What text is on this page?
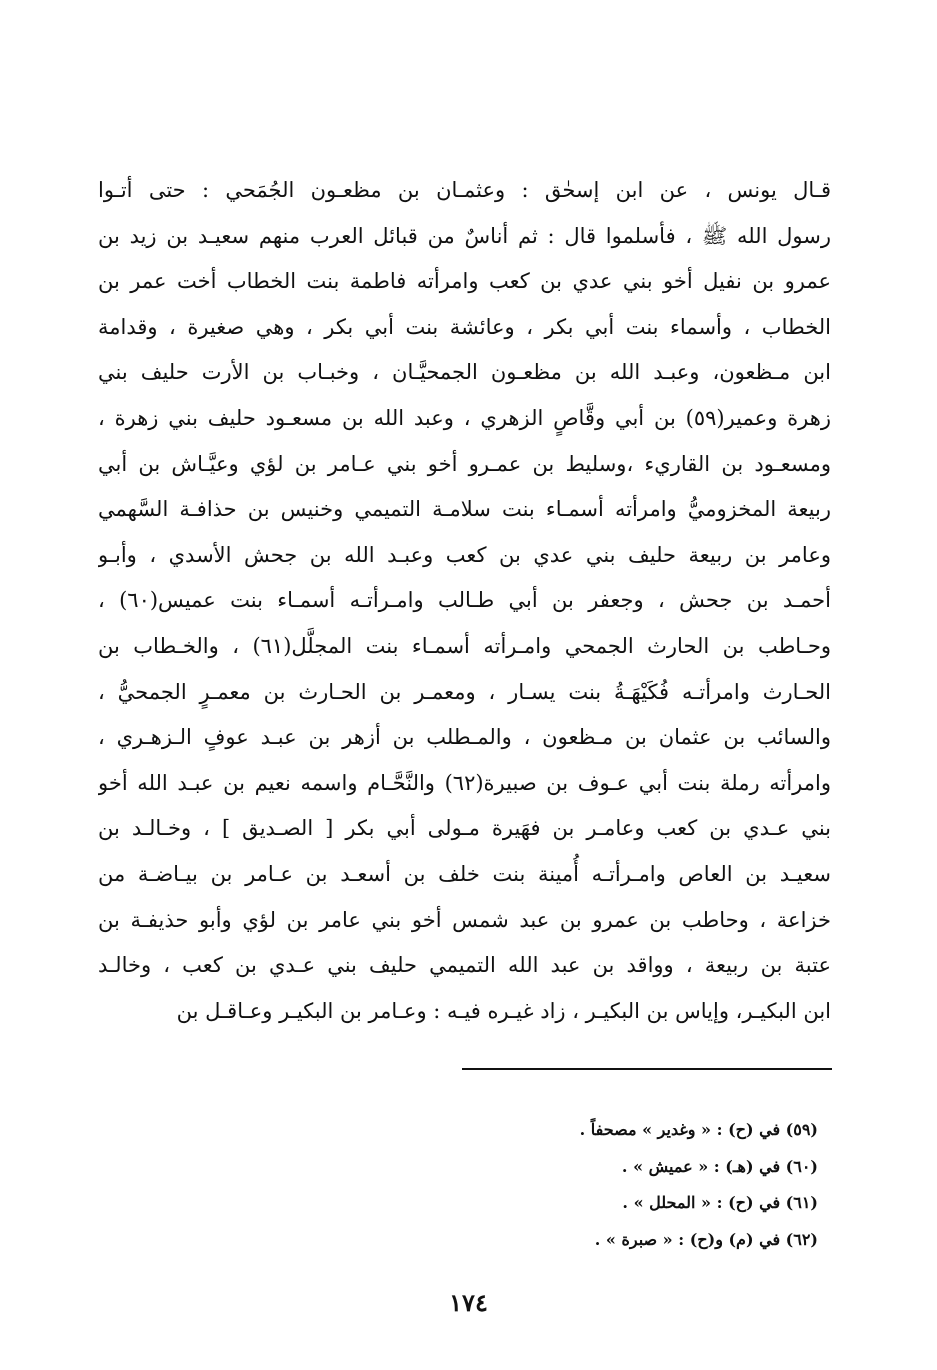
قـال يونس ، عن ابن إسحٰق : وعثمـان بن مظعـون الجُمَحي : حتى أتـوا
رسول الله ﷺ ، فأسلموا قال : ثم أناسٌ من قبائل العرب منهم سعيـد بن زيد بن
عمرو بن نفيل أخو بني عدي بن كعب وامرأته فاطمة بنت الخطاب أخت عمر بن
الخطاب ، وأسماء بنت أبي بكر ، وعائشة بنت أبي بكر ، وهي صغيرة ، وقدامة
ابن مـظعون، وعبـد الله بن مظعـون الجمحيَّـان ، وخبـاب بن الأرت حليف بني
زهرة وعمير(٥٩) بن أبي وقَّاصٍ الزهري ، وعبد الله بن مسعـود حليف بني زهرة ،
ومسعـود بن القاريء ،وسليط بن عمـرو أخو بني عـامر بن لؤي وعيَّـاش بن أبي
ربيعة المخزوميُّ وامرأته أسمـاء بنت سلامـة التميمي وخنيس بن حذافـة السَّهمي
وعامر بن ربيعة حليف بني عدي بن كعب وعبـد الله بن جحش الأسدي ، وأبـو
أحمـد بن جحش ، وجعفر بن أبي طـالب وامـرأتـه أسمـاء بنت عميس(٦٠) ،
وحـاطب بن الحارث الجمحي وامـرأته أسمـاء بنت المجلَّل(٦١) ، والخـطاب بن
الحـارث وامرأتـه فُكَيْهَـةُ بنت يسـار ، ومعمـر بن الحـارث بن معمـرٍ الجمحيُّ ،
والسائب بن عثمان بن مـظعون ، والمـطلب بن أزهر بن عبـد عوفٍ الـزهـري ،
وامرأته رملة بنت أبي عـوف بن صبيرة(٦٢) والنَّحَّـام واسمه نعيم بن عبـد الله أخو
بني عـدي بن كعب وعامـر بن فهَيرة مـولى أبي بكر [ الصـديق ] ، وخـالـد بن
سعيـد بن العاص وامـرأتـه أُمينة بنت خلف بن أسعـد بن عـامر بن بيـاضـة من
خزاعة ، وحاطب بن عمرو بن عبد شمس أخو بني عامر بن لؤي وأبو حذيفـة بن
عتبة بن ربيعة ، وواقد بن عبد الله التميمي حليف بني عـدي بن كعب ، وخالـد
ابن البكيـر، وإياس بن البكيـر ، زاد غيـره فيـه : وعـامر بن البكيـر وعـاقـل بن
(٥٩) في (ح) : « وغدير » مصحفاً .
(٦٠) في (هـ) : « عميش » .
(٦١) في (ح) : « المحلل » .
(٦٢) في (م) و(ح) : « صبرة » .
١٧٤
